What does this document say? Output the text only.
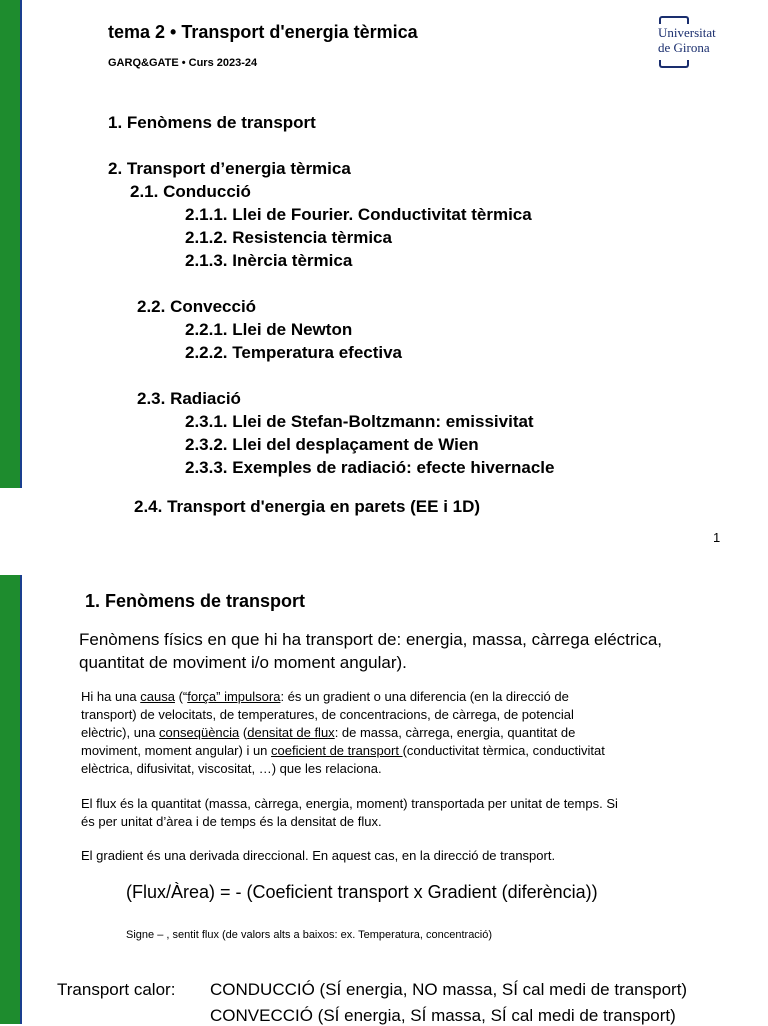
tema 2 • Transport d'energia tèrmica
GARQ&GATE • Curs 2023-24
Universitat
de Girona
1. Fenòmens de transport
2. Transport d’energia tèrmica
2.1. Conducció
2.1.1. Llei de Fourier. Conductivitat tèrmica
2.1.2. Resistencia tèrmica
2.1.3. Inèrcia tèrmica
2.2. Convecció
2.2.1. Llei de Newton
2.2.2. Temperatura efectiva
2.3. Radiació
2.3.1. Llei de Stefan-Boltzmann: emissivitat
2.3.2. Llei del desplaçament de Wien
2.3.3. Exemples de radiació: efecte hivernacle
2.4. Transport d'energia en parets (EE i 1D)
1
1. Fenòmens de transport
Fenòmens físics en que hi ha transport de: energia, massa, càrrega eléctrica,
quantitat de moviment i/o moment angular).
Hi ha una causa (“força” impulsora: és un gradient o una diferencia (en la direcció de
transport) de velocitats, de temperatures, de concentracions, de càrrega, de potencial
elèctric), una conseqüència (densitat de flux: de massa, càrrega, energia, quantitat de
moviment, moment angular) i un coeficient de transport (conductivitat tèrmica, conductivitat
elèctrica, difusivitat, viscositat, …) que les relaciona.
El flux és la quantitat (massa, càrrega, energia, moment) transportada per unitat de temps. Si
és per unitat d’àrea i de temps és la densitat de flux.
El gradient és una derivada direccional. En aquest cas, en la direcció de transport.
(Flux/Àrea) = - (Coeficient transport x Gradient (diferència))
Signe – , sentit flux (de valors alts a baixos: ex. Temperatura, concentració)
Transport calor: CONDUCCIÓ (SÍ energia, NO massa, SÍ cal medi de transport)
CONVECCIÓ (SÍ energia, SÍ massa, SÍ cal medi de transport)
